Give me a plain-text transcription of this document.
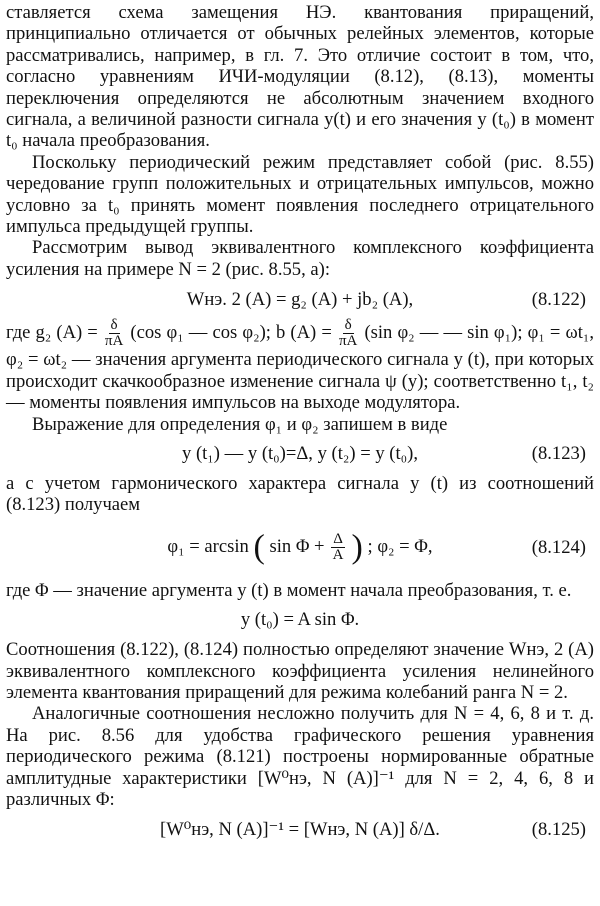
ставляется схема замещения НЭ. квантования приращений, принципиально отличается от обычных релейных элементов, которые рассматривались, например, в гл. 7. Это отличие состоит в том, что, согласно уравнениям ИЧИ-модуляции (8.12), (8.13), моменты переключения определяются не абсолютным значением входного сигнала, а величиной разности сигнала y(t) и его значения y (t₀) в момент t₀ начала преобразования.

Поскольку периодический режим представляет собой (рис. 8.55) чередование групп положительных и отрицательных импульсов, можно условно за t₀ принять момент появления последнего отрицательного импульса предыдущей группы.

Рассмотрим вывод эквивалентного комплексного коэффициента усиления на примере N = 2 (рис. 8.55, а):

Wнэ. 2 (A) = g₂ (A) + jb₂ (A),	(8.122)

где g₂ $(A) = \frac{\delta}{\pi A} (\cos$ φ₁ — cos φ₂); b $(A) = \frac{\delta}{\pi A} (\sin$ φ₂ — — sin φ₁); φ₁ = ωt₁, φ₂ = ωt₂ — значения аргумента периодического сигнала y (t), при которых происходит скачкообразное изменение сигнала ψ (y); соответственно t₁, t₂ — моменты появления импульсов на выходе модулятора.

Выражение для определения φ₁ и φ₂ запишем в виде

y (t₁) — y (t₀)=Δ, y (t₂) = y (t₀),	(8.123)

а с учетом гармонического характера сигнала y (t) из соотношений (8.123) получаем

φ₁ = arcsin ( $\sin \Phi + \frac{\Delta}{A}$ ) ; φ₂ = Φ,	(8.124)

где Φ — значение аргумента y (t) в момент начала преобразования, т. е.

y (t₀) = A sin Φ.

Соотношения (8.122), (8.124) полностью определяют значение Wнэ, 2 (A) эквивалентного комплексного коэффициента усиления нелинейного элемента квантования приращений для режима колебаний ранга N = 2.

Аналогичные соотношения несложно получить для N = 4, 6, 8 и т. д. На рис. 8.56 для удобства графического решения уравнения периодического режима (8.121) построены нормированные обратные амплитудные характеристики [W⁰нэ, N (A)]⁻¹ для N = 2, 4, 6, 8 и различных Φ:

[W⁰нэ, N (A)]⁻¹ = [Wнэ, N (A)] δ/Δ.	(8.125)
